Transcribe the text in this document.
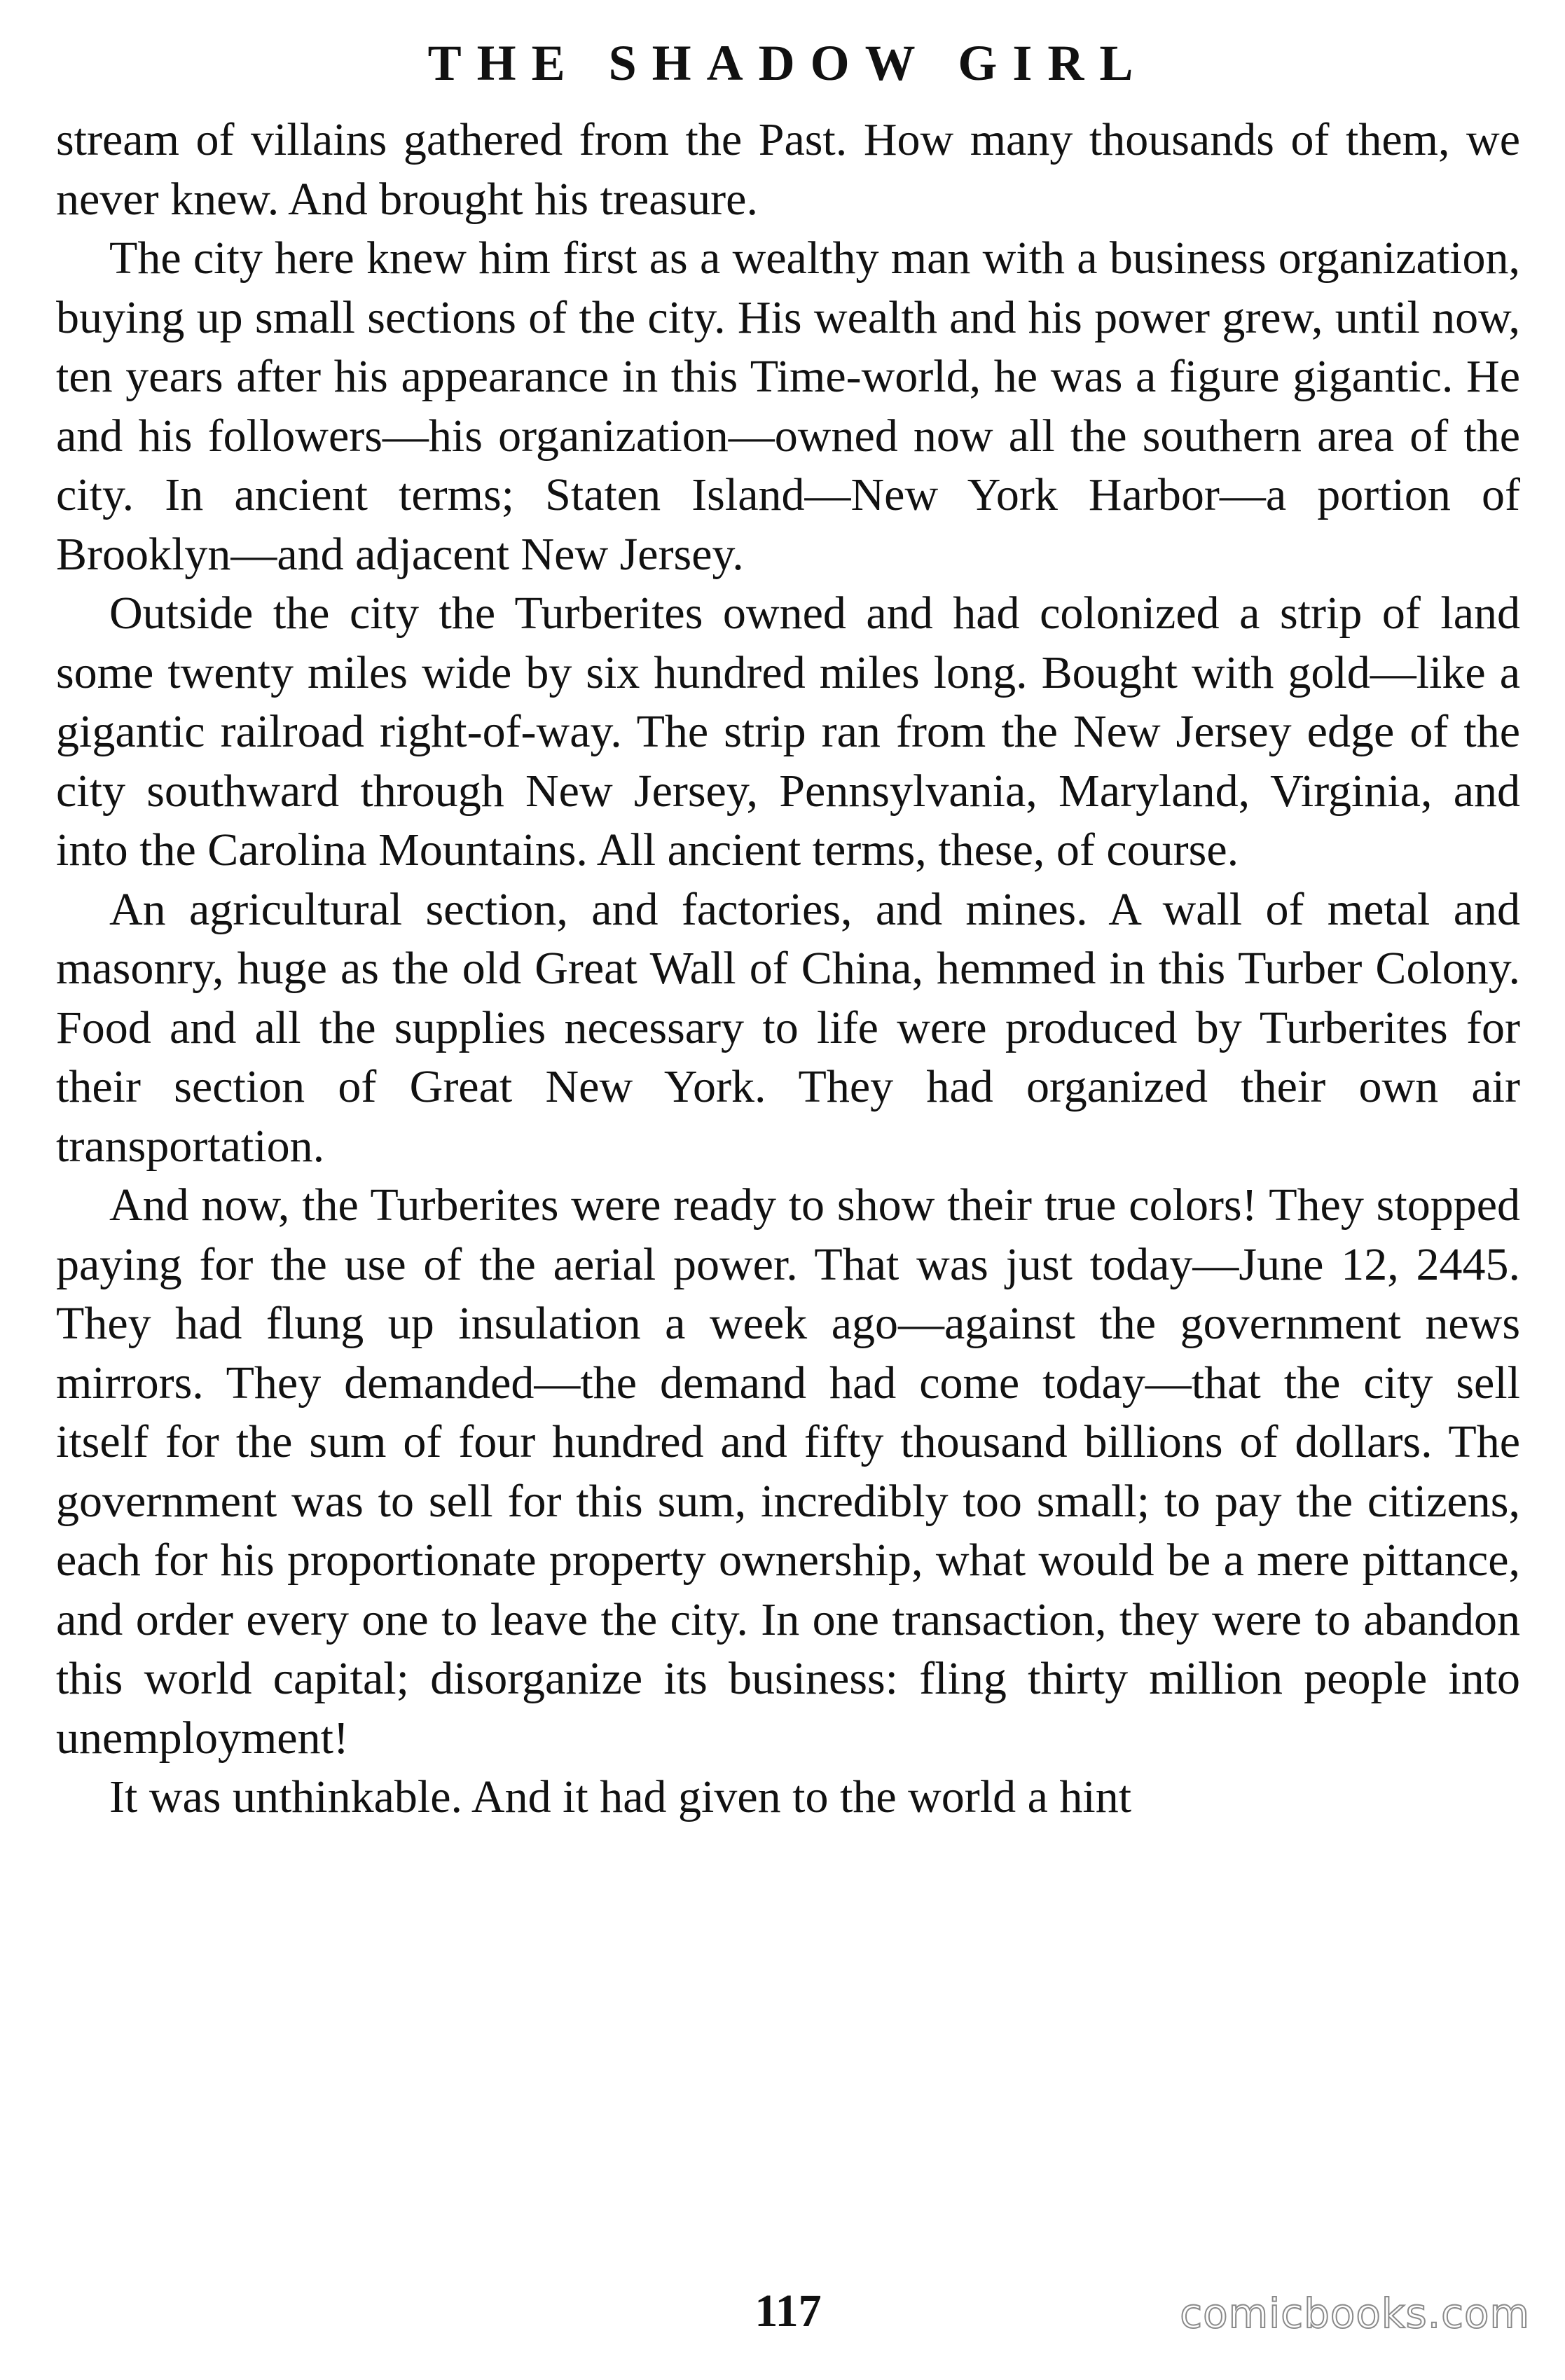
THE SHADOW GIRL

stream of villains gathered from the Past. How many thousands of them, we never knew. And brought his treasure.

The city here knew him first as a wealthy man with a business organization, buying up small sections of the city. His wealth and his power grew, until now, ten years after his appearance in this Time-world, he was a figure gigantic. He and his followers—his organization—owned now all the southern area of the city. In ancient terms; Staten Island—New York Harbor—a portion of Brooklyn—and adjacent New Jersey.

Outside the city the Turberites owned and had colonized a strip of land some twenty miles wide by six hundred miles long. Bought with gold—like a gigantic railroad right-of-way. The strip ran from the New Jersey edge of the city southward through New Jersey, Pennsylvania, Maryland, Virginia, and into the Carolina Mountains. All ancient terms, these, of course.

An agricultural section, and factories, and mines. A wall of metal and masonry, huge as the old Great Wall of China, hemmed in this Turber Colony. Food and all the supplies necessary to life were produced by Turberites for their section of Great New York. They had organized their own air transportation.

And now, the Turberites were ready to show their true colors! They stopped paying for the use of the aerial power. That was just today—June 12, 2445. They had flung up insulation a week ago—against the government news mirrors. They demanded—the demand had come today—that the city sell itself for the sum of four hundred and fifty thousand billions of dollars. The government was to sell for this sum, incredibly too small; to pay the citizens, each for his proportionate property ownership, what would be a mere pittance, and order every one to leave the city. In one transaction, they were to abandon this world capital; disorganize its business: fling thirty million people into unemployment!

It was unthinkable. And it had given to the world a hint

117	comicbooks.com
